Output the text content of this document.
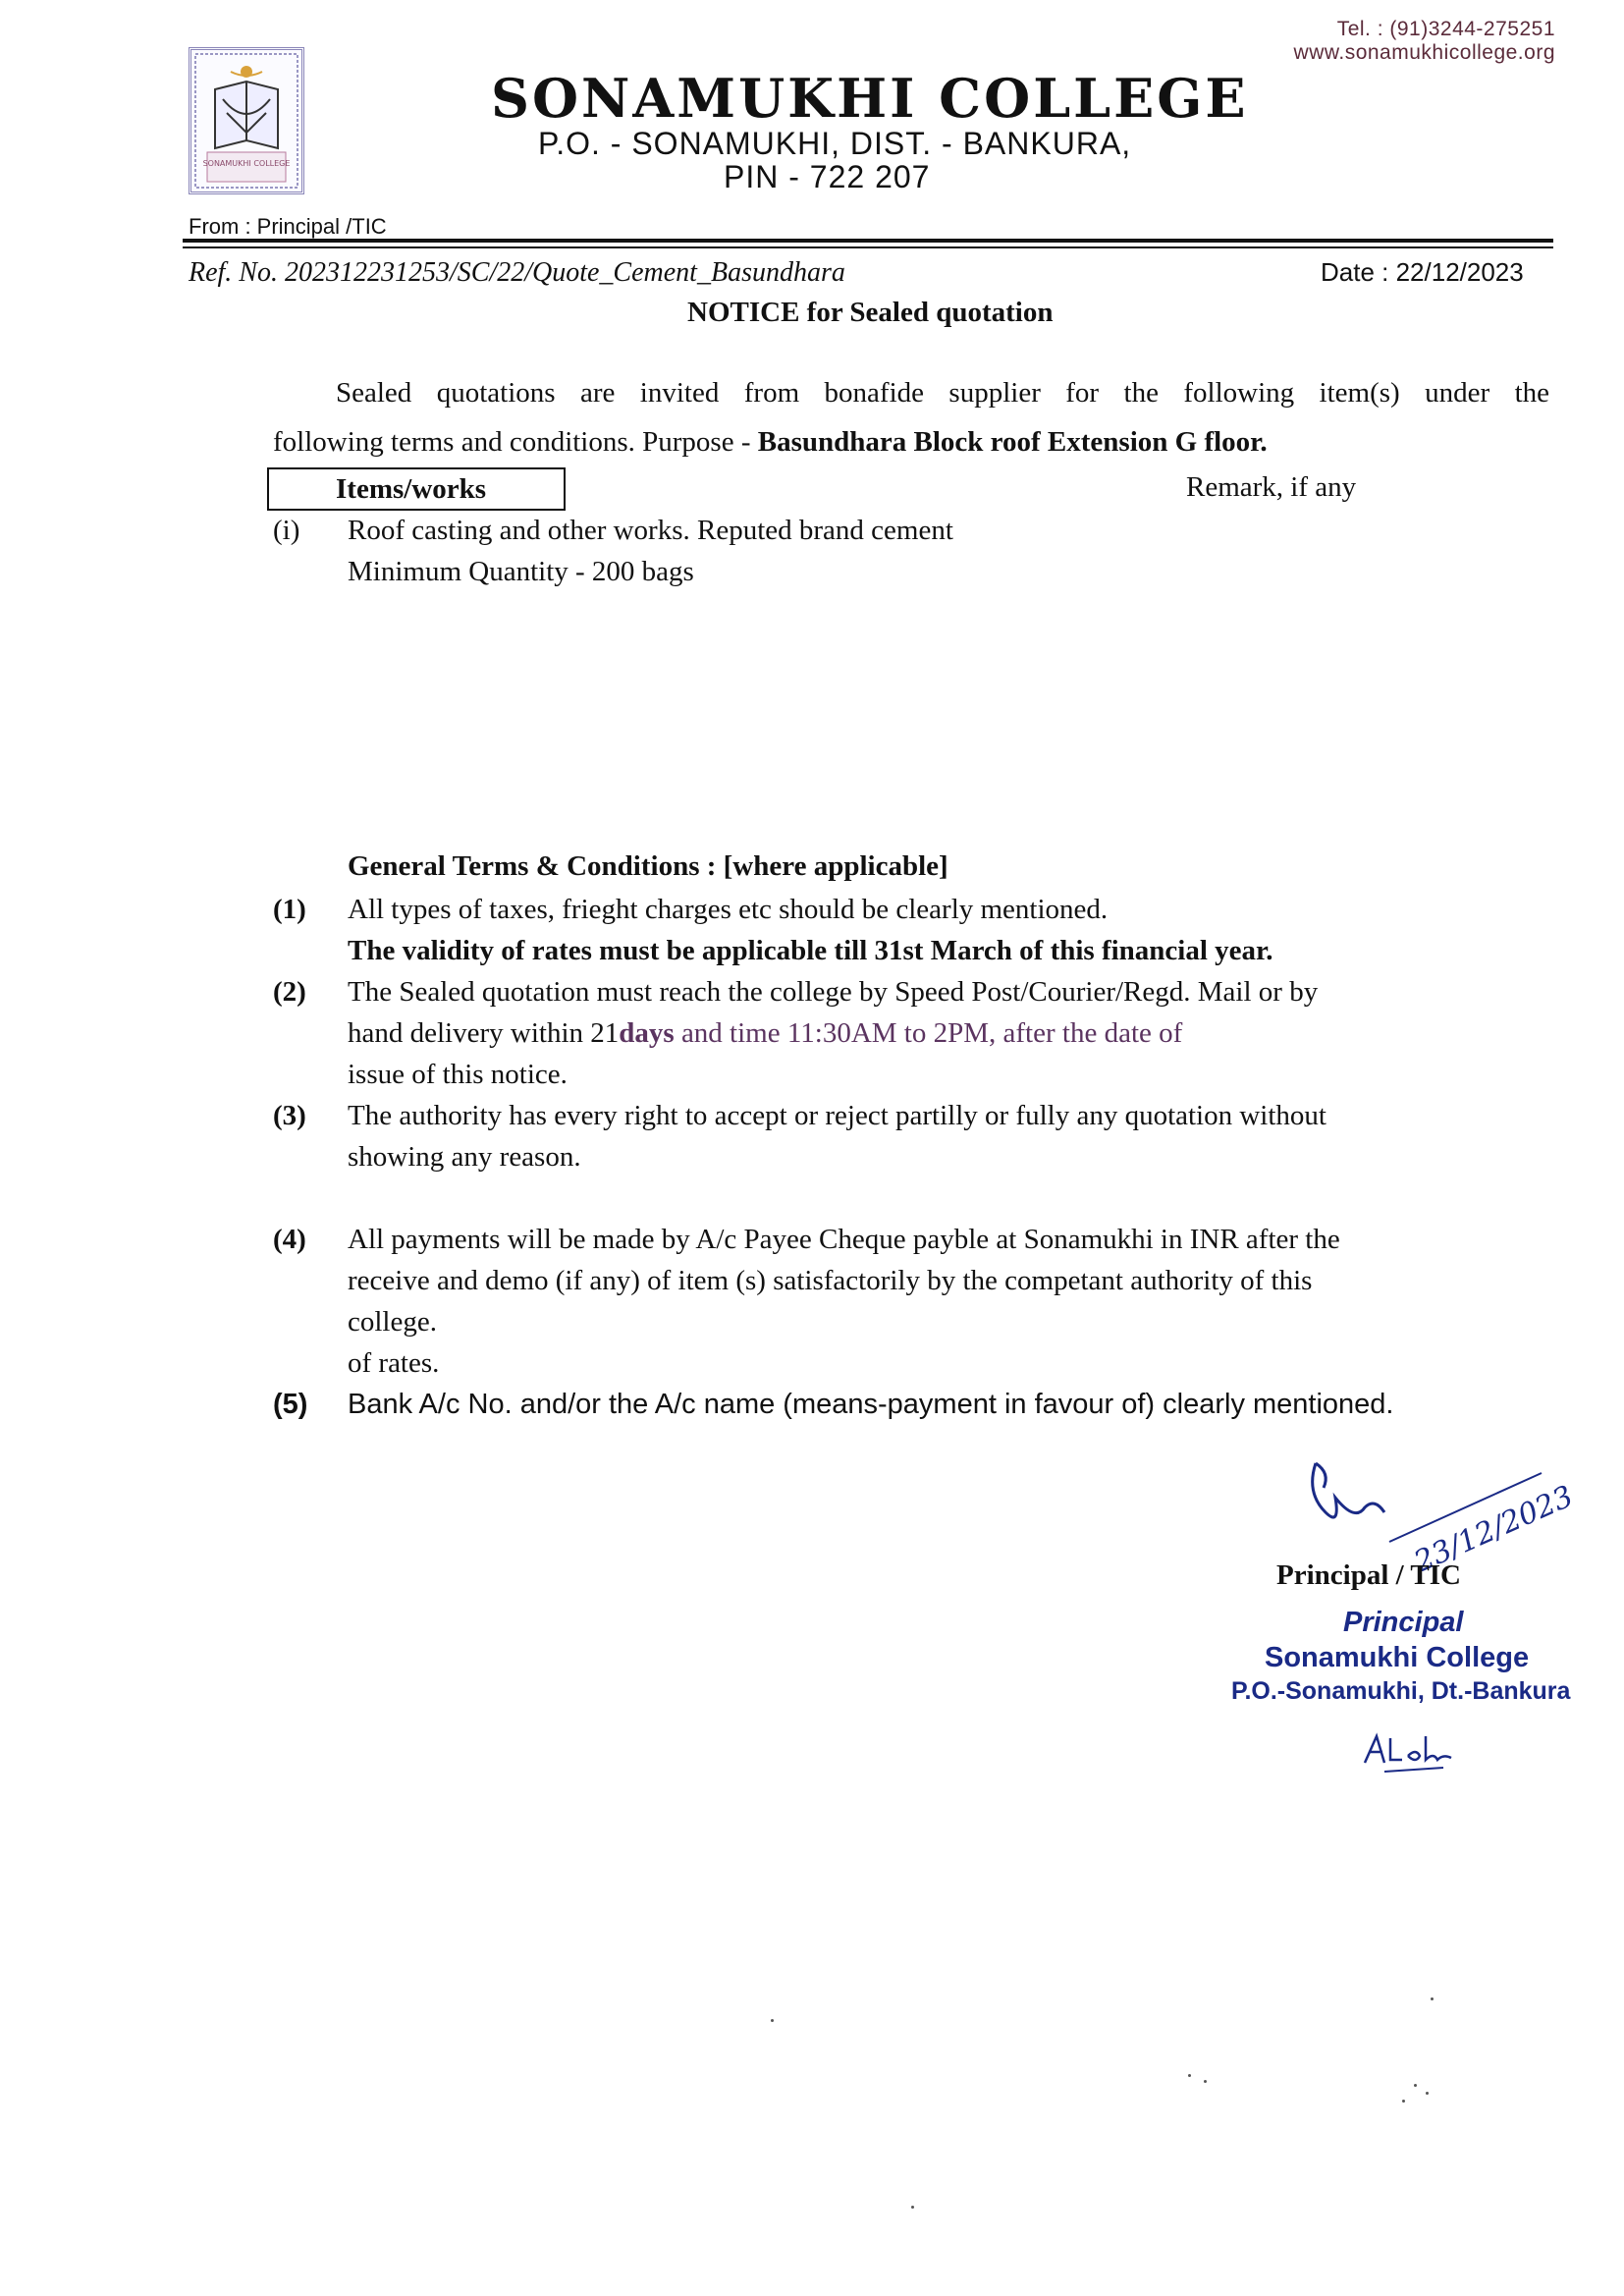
SONAMUKHI COLLEGE
Tel. : (91)3244-275251
www.sonamukhicollege.org
SONAMUKHI COLLEGE
P.O. - SONAMUKHI, DIST. - BANKURA,
PIN - 722 207
From : Principal /TIC
Ref. No. 202312231253/SC/22/Quote_Cement_Basundhara	Date : 22/12/2023
NOTICE for Sealed quotation
Sealed quotations are invited from bonafide supplier for the following item(s) under the
following terms and conditions. Purpose - Basundhara Block roof Extension G floor.
Items/works	Remark, if any
(i) Roof casting and other works. Reputed brand cement
Minimum Quantity - 200 bags
General Terms & Conditions : [where applicable]
(1) All types of taxes, frieght charges etc should be clearly mentioned.
The validity of rates must be applicable till 31st March of this financial year.
(2) The Sealed quotation must reach the college by Speed Post/Courier/Regd. Mail or by
hand delivery within 21days and time 11:30AM to 2PM, after the date of
issue of this notice.
(3) The authority has every right to accept or reject partilly or fully any quotation without
showing any reason.
(4) All payments will be made by A/c Payee Cheque payble at Sonamukhi in INR after the
receive and demo (if any) of item (s) satisfactorily by the competant authority of this
college.
of rates.
(5) Bank A/c No. and/or the A/c name (means-payment in favour of) clearly mentioned.
23/12/2023
Principal / TIC
Principal
Sonamukhi College
P.O.-Sonamukhi, Dt.-Bankura
